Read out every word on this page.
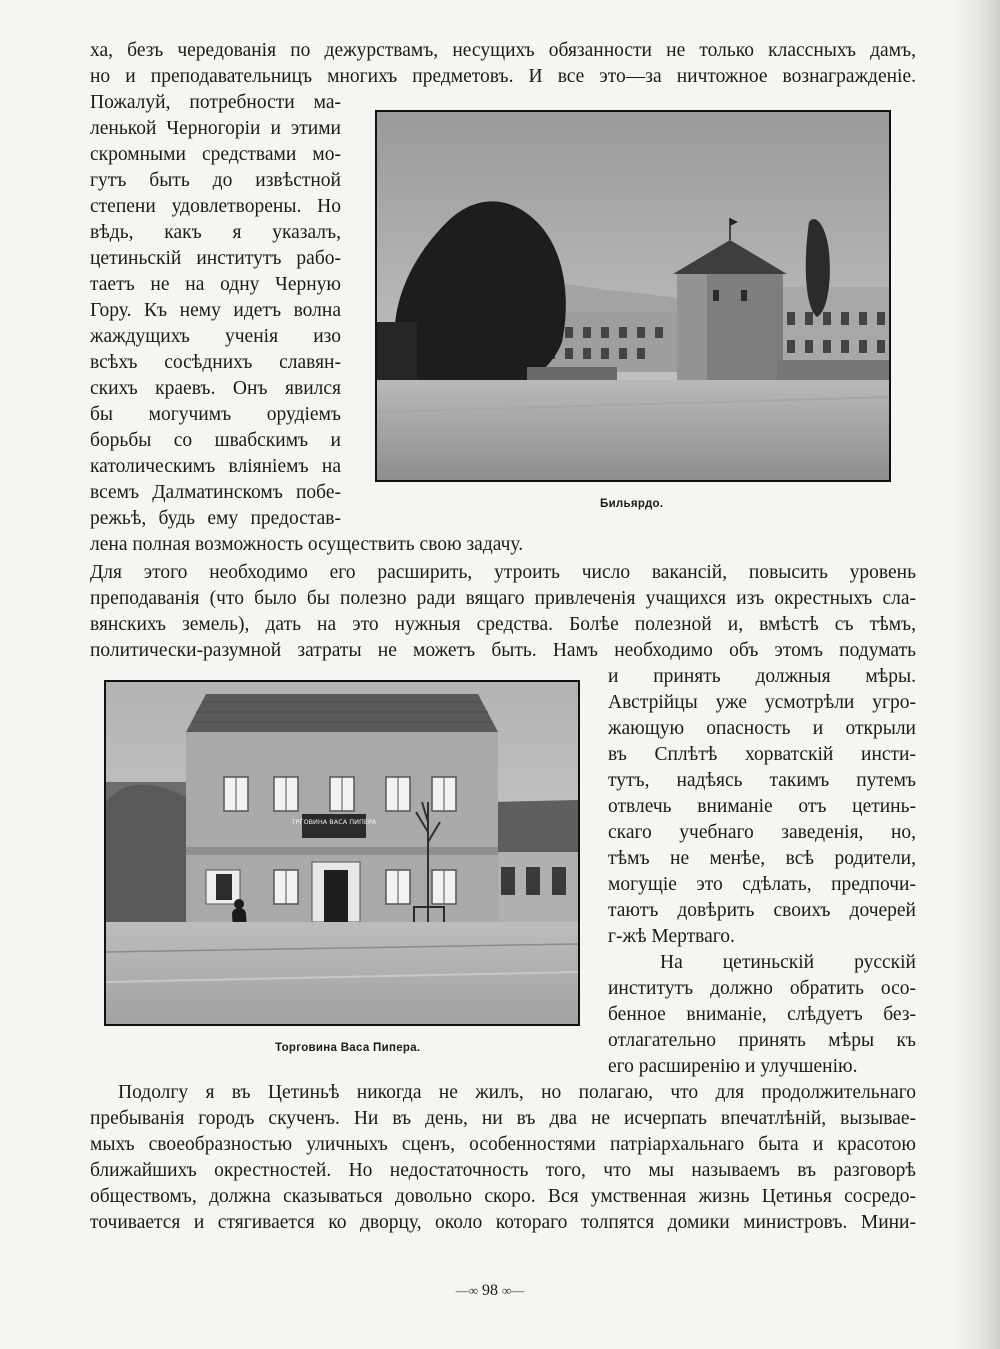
ха, безъ чередованія по дежурствамъ, несущихъ обязанности не только классныхъ дамъ,
но и преподавательницъ многихъ предметовъ. И все это—за ничтожное вознагражденіе.
Пожалуй, потребности ма-
ленькой Черногоріи и этими
скромными средствами мо-
гутъ быть до извѣстной
степени удовлетворены. Но
вѣдь, какъ я указалъ,
цетиньскій институтъ рабо-
таетъ не на одну Черную
Гору. Къ нему идетъ волна
жаждущихъ ученія изо
всѣхъ сосѣднихъ славян-
скихъ краевъ. Онъ явился
бы могучимъ орудіемъ
борьбы со швабскимъ и
католическимъ вліяніемъ на
всемъ Далматинскомъ побе-
режьѣ, будь ему предостав-
лена полная возможность осуществить свою задачу.
Бильярдо.
Для этого необходимо его расширить, утроить число вакансій, повысить уровень
преподаванія (что было бы полезно ради вящаго привлеченія учащихся изъ окрестныхъ сла-
вянскихъ земель), дать на это нужныя средства. Болѣе полезной и, вмѣстѣ съ тѣмъ,
политически-разумной затраты не можетъ быть. Намъ необходимо объ этомъ подумать
ТРГОВИНА ВАСА ПИПЕРА
Торговина Васа Пипера.
и принять должныя мѣры.
Австрійцы уже усмотрѣли угро-
жающую опасность и открыли
въ Сплѣтѣ хорватскій инсти-
тутъ, надѣясь такимъ путемъ
отвлечь вниманіе отъ цетинь-
скаго учебнаго заведенія, но,
тѣмъ не менѣе, всѣ родители,
могущіе это сдѣлать, предпочи-
таютъ довѣрить своихъ дочерей
г-жѣ Мертваго.
На цетиньскій русскій
институтъ должно обратить осо-
бенное вниманіе, слѣдуетъ без-
отлагательно принять мѣры къ
его расширенію и улучшенію.
Подолгу я въ Цетиньѣ никогда не жилъ, но полагаю, что для продолжительнаго
пребыванія городъ скученъ. Ни въ день, ни въ два не исчерпать впечатлѣній, вызывае-
мыхъ своеобразностью уличныхъ сценъ, особенностями патріархальнаго быта и красотою
ближайшихъ окрестностей. Но недостаточность того, что мы называемъ въ разговорѣ
обществомъ, должна сказываться довольно скоро. Вся умственная жизнь Цетинья сосредо-
точивается и стягивается ко дворцу, около котораго толпятся домики министровъ. Мини-
—∞ 98 ∞—
